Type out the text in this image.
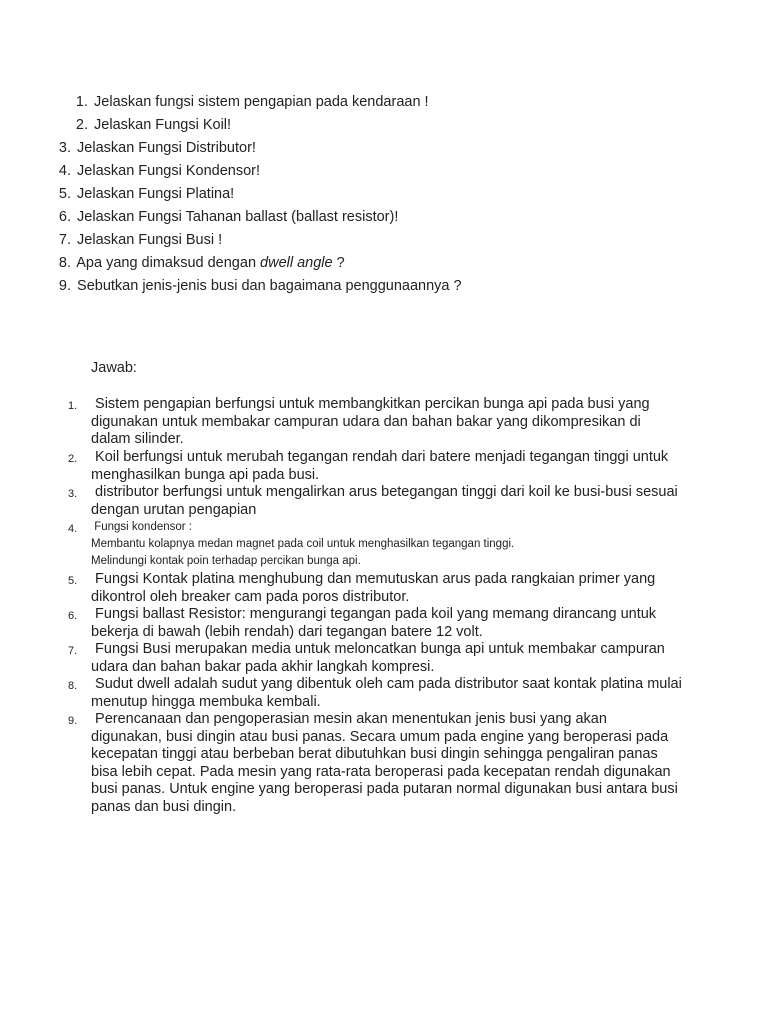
1. Jelaskan fungsi sistem pengapian pada kendaraan !
2. Jelaskan Fungsi Koil!
3. Jelaskan Fungsi Distributor!
4. Jelaskan Fungsi Kondensor!
5. Jelaskan Fungsi Platina!
6. Jelaskan Fungsi Tahanan ballast (ballast resistor)!
7. Jelaskan Fungsi Busi !
8. Apa yang dimaksud dengan dwell angle ?
9. Sebutkan jenis-jenis busi dan bagaimana penggunaannya ?
Jawab:
1. Sistem pengapian berfungsi untuk membangkitkan percikan bunga api pada busi yang
digunakan untuk membakar campuran udara dan bahan bakar yang dikompresikan di
dalam silinder.
2. Koil berfungsi untuk merubah tegangan rendah dari batere menjadi tegangan tinggi untuk
menghasilkan bunga api pada busi.
3. distributor berfungsi untuk mengalirkan arus betegangan tinggi dari koil ke busi-busi sesuai
dengan urutan pengapian
4. Fungsi kondensor :
Membantu kolapnya medan magnet pada coil untuk menghasilkan tegangan tinggi.
Melindungi kontak poin terhadap percikan bunga api.
5. Fungsi Kontak platina menghubung dan memutuskan arus pada rangkaian primer yang
dikontrol oleh breaker cam pada poros distributor.
6. Fungsi ballast Resistor: mengurangi tegangan pada koil yang memang dirancang untuk
bekerja di bawah (lebih rendah) dari tegangan batere 12 volt.
7. Fungsi Busi merupakan media untuk meloncatkan bunga api untuk membakar campuran
udara dan bahan bakar pada akhir langkah kompresi.
8. Sudut dwell adalah sudut yang dibentuk oleh cam pada distributor saat kontak platina mulai
menutup hingga membuka kembali.
9. Perencanaan dan pengoperasian mesin akan menentukan jenis busi yang akan
digunakan, busi dingin atau busi panas. Secara umum pada engine yang beroperasi pada
kecepatan tinggi atau berbeban berat dibutuhkan busi dingin sehingga pengaliran panas
bisa lebih cepat. Pada mesin yang rata-rata beroperasi pada kecepatan rendah digunakan
busi panas. Untuk engine yang beroperasi pada putaran normal digunakan busi antara busi
panas dan busi dingin.
